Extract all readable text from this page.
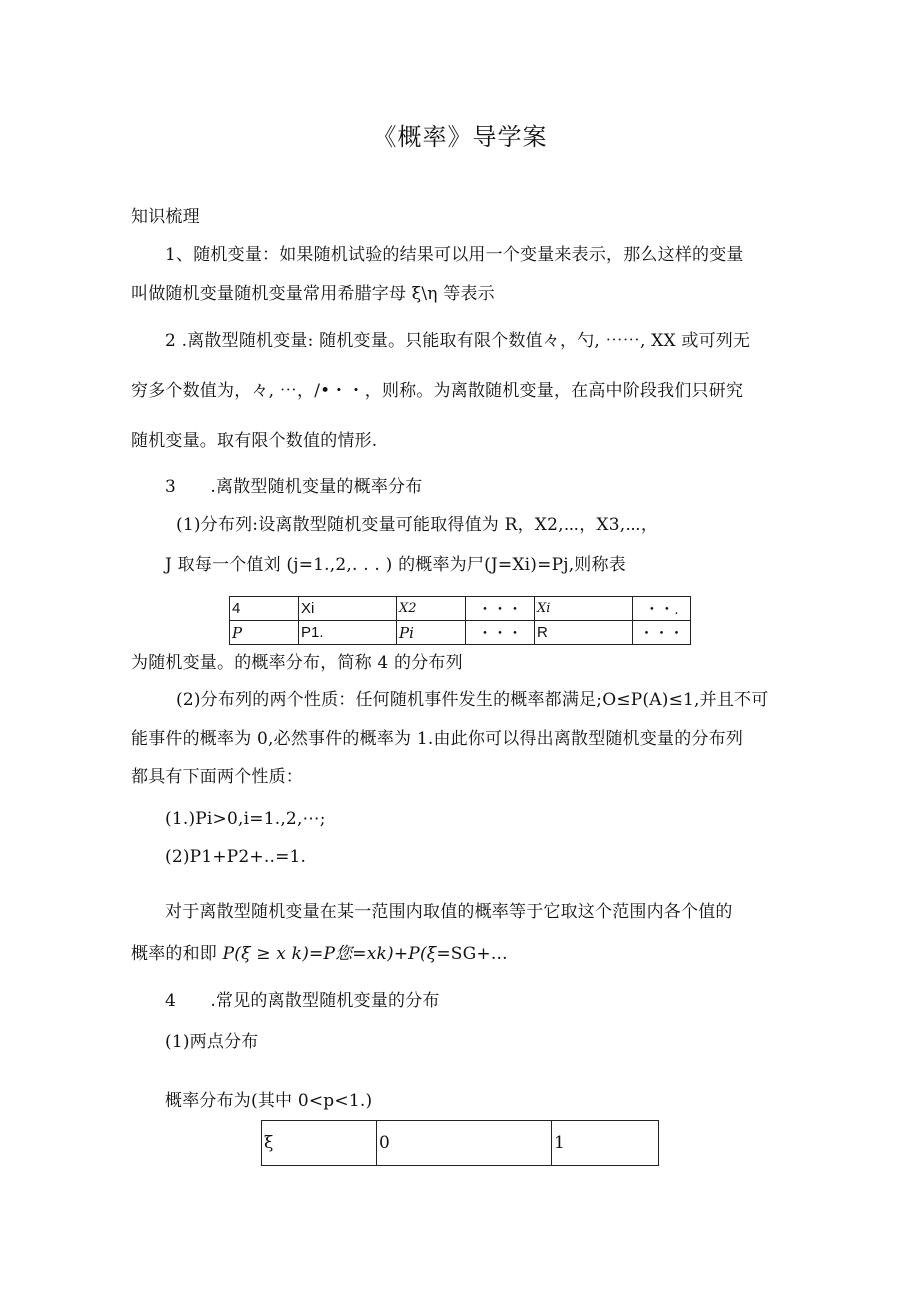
《概率》导学案
知识梳理
1、随机变量：如果随机试验的结果可以用一个变量来表示，那么这样的变量
叫做随机变量随机变量常用希腊字母 ξ\η 等表示
2 .离散型随机变量: 随机变量。只能取有限个数值々，勺, ⋯⋯, XX 或可列无
穷多个数值为，々, ⋯，/•・・，则称。为离散随机变量，在高中阶段我们只研究
随机变量。取有限个数值的情形.
3　　.离散型随机变量的概率分布
(1)分布列:设离散型随机变量可能取得值为 R，X2,⋯，X3,⋯，
J 取每一个值刘 (j=1.,2,. . . ) 的概率为尸(J=Xi)=Pj,则称表
4	Xi	X2	・・・	Xi	・・.
P	P1.	Pi	・・・	R	・・・
为随机变量。的概率分布，简称 4 的分布列
(2)分布列的两个性质：任何随机事件发生的概率都满足;O≤P(A)≤1,并且不可
能事件的概率为 0,必然事件的概率为 1.由此你可以得出离散型随机变量的分布列
都具有下面两个性质：
(1.)Pi>0,i=1.,2,⋯;
(2)P1+P2+..=1.
对于离散型随机变量在某一范围内取值的概率等于它取这个范围内各个值的
概率的和即 P(ξ ≥ x k)=P您=xk)+P(ξ=SG+...
4　　.常见的离散型随机变量的分布
(1)两点分布
概率分布为(其中 0<p<1.)
ξ	0	1
